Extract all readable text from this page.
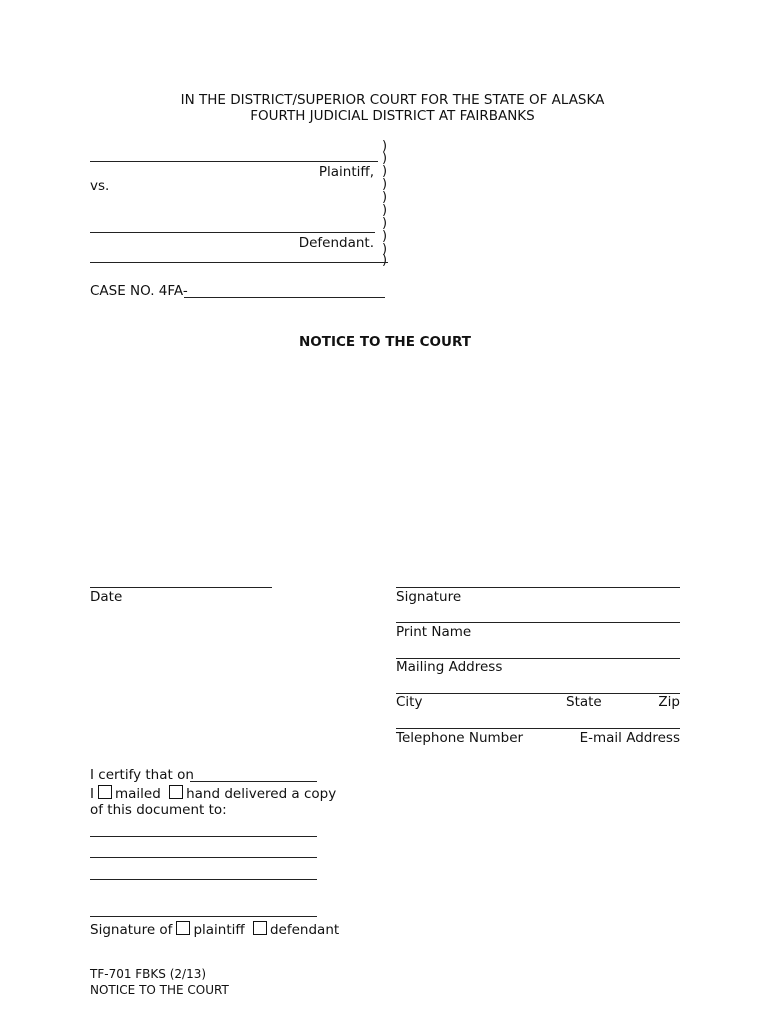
IN THE DISTRICT/SUPERIOR COURT FOR THE STATE OF ALASKA
FOURTH JUDICIAL DISTRICT AT FAIRBANKS
)
)
)
)
)
)
)
)
)
)
Plaintiff,
vs.
Defendant.
CASE NO. 4FA-
NOTICE TO THE COURT
Date	Signature
Print Name
Mailing Address
City	State	Zip
Telephone Number	E-mail Address
I certify that on
I mailed hand delivered a copy
of this document to:
Signature of plaintiff defendant
TF-701 FBKS (2/13)
NOTICE TO THE COURT
